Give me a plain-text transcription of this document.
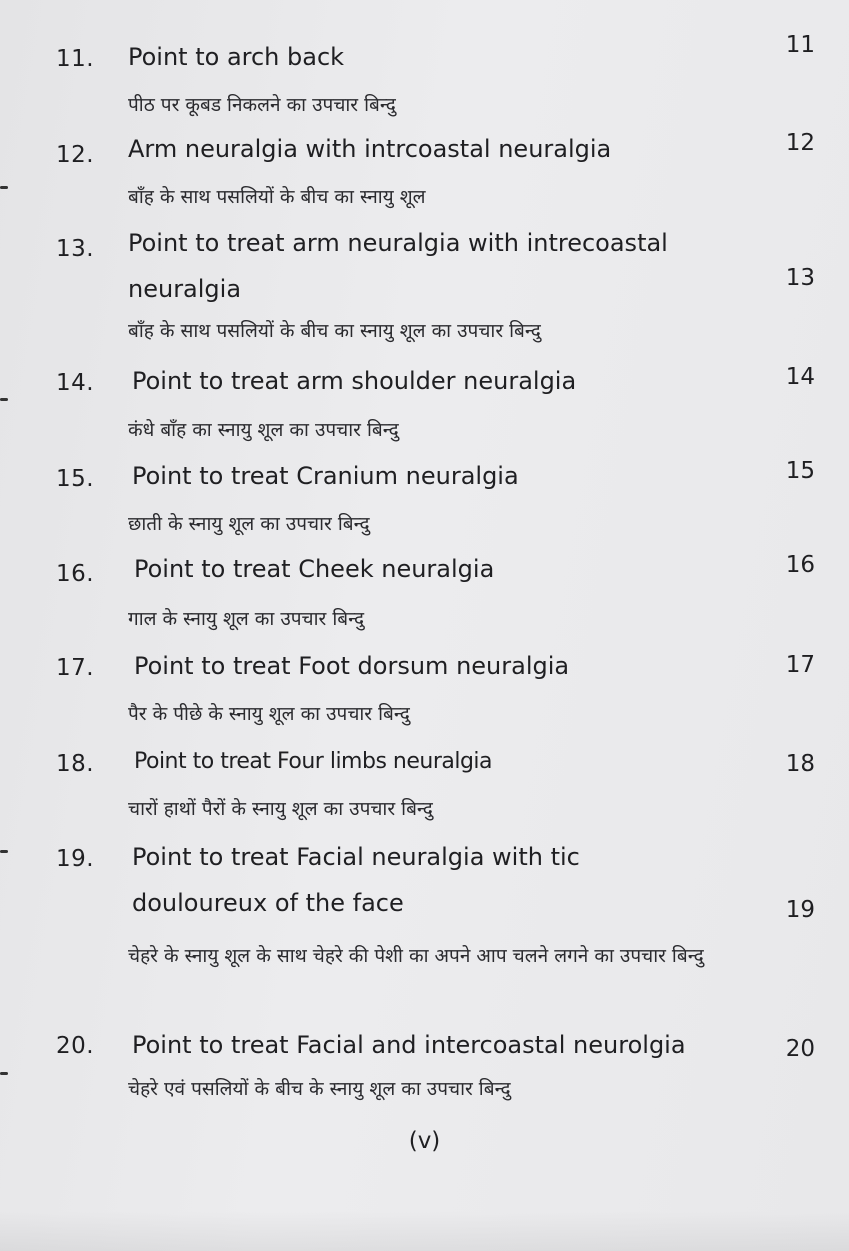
11. Point to arch back	11
पीठ पर कूबड निकलने का उपचार बिन्दु
12. Arm neuralgia with intrcoastal neuralgia	12
बाँह के साथ पसलियों के बीच का स्नायु शूल
13. Point to treat arm neuralgia with intrecoastal neuralgia	13
बाँह के साथ पसलियों के बीच का स्नायु शूल का उपचार बिन्दु
14. Point to treat arm shoulder neuralgia	14
कंधे बाँह का स्नायु शूल का उपचार बिन्दु
15. Point to treat Cranium neuralgia	15
छाती के स्नायु शूल का उपचार बिन्दु
16. Point to treat Cheek neuralgia	16
गाल के स्नायु शूल का उपचार बिन्दु
17. Point to treat Foot dorsum neuralgia	17
पैर के पीछे के स्नायु शूल का उपचार बिन्दु
18. Point to treat Four limbs neuralgia	18
चारों हाथों पैरों के स्नायु शूल का उपचार बिन्दु
19. Point to treat Facial neuralgia with tic douloureux of the face	19
चेहरे के स्नायु शूल के साथ चेहरे की पेशी का अपने आप चलने लगने का उपचार बिन्दु
20. Point to treat Facial and intercoastal neurolgia	20
चेहरे एवं पसलियों के बीच के स्नायु शूल का उपचार बिन्दु
(v)
